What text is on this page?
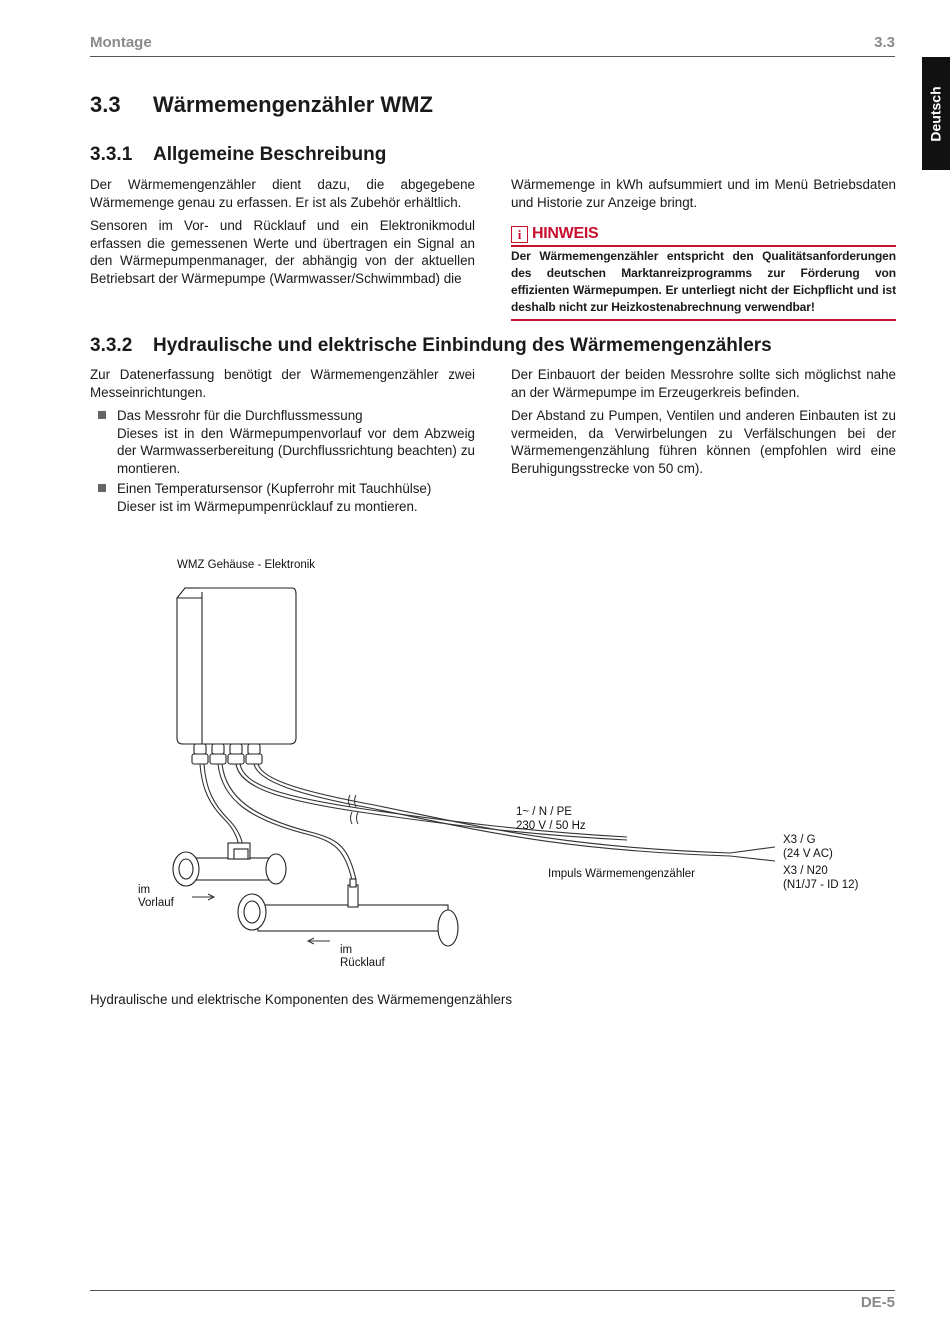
Montage	3.3
Deutsch
3.3 Wärmemengenzähler WMZ
3.3.1 Allgemeine Beschreibung

Der Wärmemengenzähler dient dazu, die abgegebene Wärmemenge genau zu erfassen. Er ist als Zubehör erhältlich.

Sensoren im Vor- und Rücklauf und ein Elektronikmodul erfassen die gemessenen Werte und übertragen ein Signal an den Wärmepumpenmanager, der abhängig von der aktuellen Betriebsart der Wärmepumpe (Warmwasser/Schwimmbad) die

Wärmemenge in kWh aufsummiert und im Menü Betriebsdaten und Historie zur Anzeige bringt.

i HINWEIS
Der Wärmemengenzähler entspricht den Qualitätsanforderungen des deutschen Marktanreizprogramms zur Förderung von effizienten Wärmepumpen. Er unterliegt nicht der Eichpflicht und ist deshalb nicht zur Heizkostenabrechnung verwendbar!
3.3.2 Hydraulische und elektrische Einbindung des Wärmemengenzählers

Zur Datenerfassung benötigt der Wärmemengenzähler zwei Messeinrichtungen.

Das Messrohr für die Durchflussmessung
Dieses ist in den Wärmepumpenvorlauf vor dem Abzweig der Warmwasserbereitung (Durchflussrichtung beachten) zu montieren.
Einen Temperatursensor (Kupferrohr mit Tauchhülse)
Dieser ist im Wärmepumpenrücklauf zu montieren.

Der Einbauort der beiden Messrohre sollte sich möglichst nahe an der Wärmepumpe im Erzeugerkreis befinden.

Der Abstand zu Pumpen, Ventilen und anderen Einbauten ist zu vermeiden, da Verwirbelungen zu Verfälschungen bei der Wärmemengenzählung führen können (empfohlen wird eine Beruhigungsstrecke von 50 cm).

WMZ Gehäuse - Elektronik
1~ / N / PE
230 V / 50 Hz
X3 / G
(24 V AC)
X3 / N20
(N1/J7 - ID 12)
Impuls Wärmemengenzähler
im
Vorlauf
im
Rücklauf
Hydraulische und elektrische Komponenten des Wärmemengenzählers
DE-5
